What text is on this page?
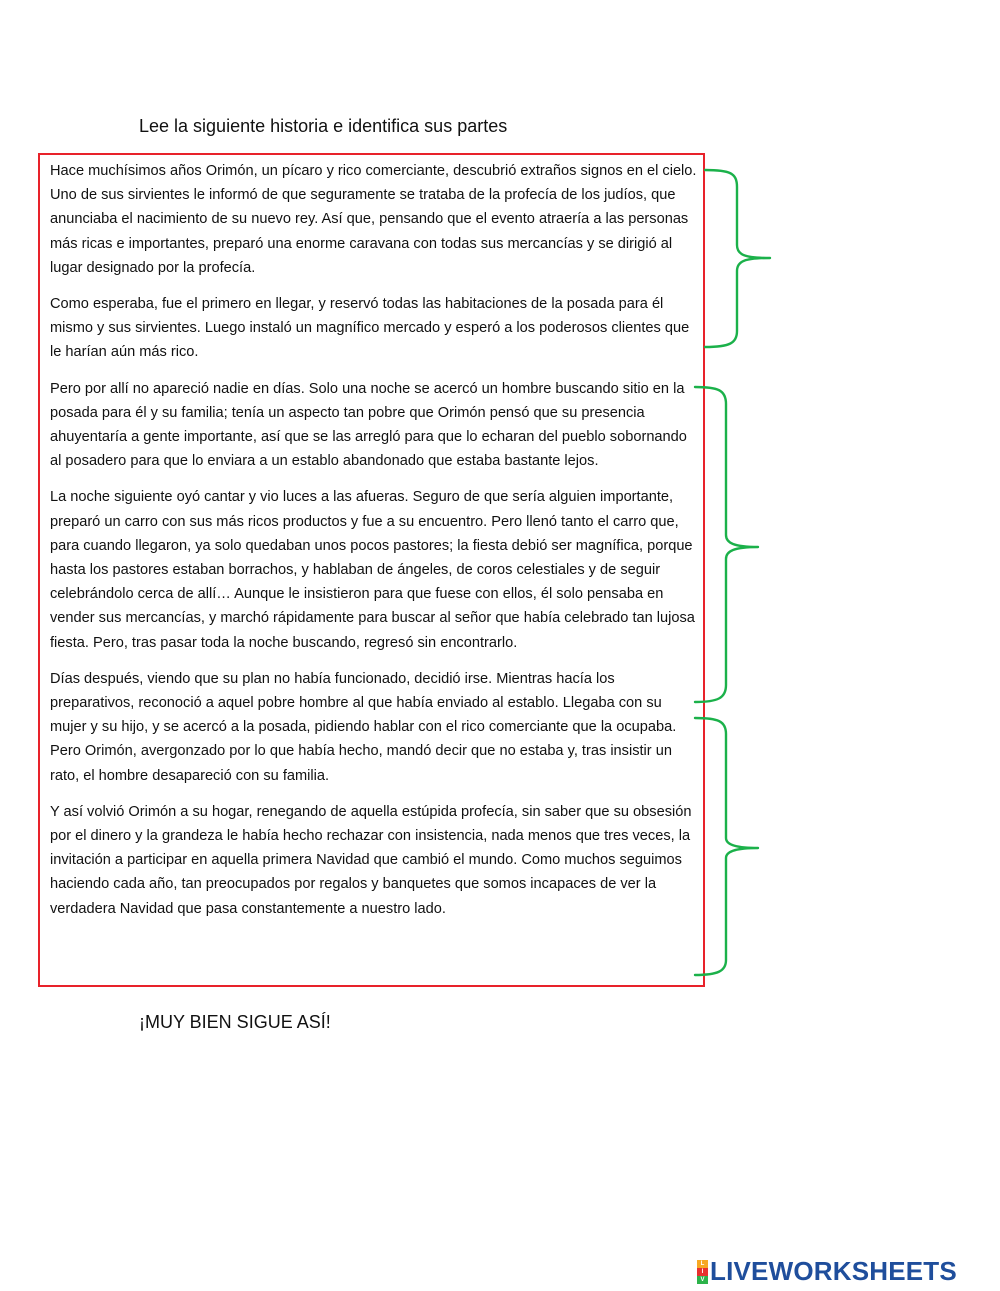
Lee la siguiente historia e identifica sus partes

Hace muchísimos años Orimón, un pícaro y rico comerciante, descubrió extraños signos en el cielo. Uno de sus sirvientes le informó de que seguramente se trataba de la profecía de los judíos, que anunciaba el nacimiento de su nuevo rey. Así que, pensando que el evento atraería a las personas más ricas e importantes, preparó una enorme caravana con todas sus mercancías y se dirigió al lugar designado por la profecía.

Como esperaba, fue el primero en llegar, y reservó todas las habitaciones de la posada para él mismo y sus sirvientes. Luego instaló un magnífico mercado y esperó a los poderosos clientes que le harían aún más rico.

Pero por allí no apareció nadie en días. Solo una noche se acercó un hombre buscando sitio en la posada para él y su familia; tenía un aspecto tan pobre que Orimón pensó que su presencia ahuyentaría a gente importante, así que se las arregló para que lo echaran del pueblo sobornando al posadero para que lo enviara a un establo abandonado que estaba bastante lejos.

La noche siguiente oyó cantar y vio luces a las afueras. Seguro de que sería alguien importante, preparó un carro con sus más ricos productos y fue a su encuentro. Pero llenó tanto el carro que, para cuando llegaron, ya solo quedaban unos pocos pastores; la fiesta debió ser magnífica, porque hasta los pastores estaban borrachos, y hablaban de ángeles, de coros celestiales y de seguir celebrándolo cerca de allí… Aunque le insistieron para que fuese con ellos, él solo pensaba en vender sus mercancías, y marchó rápidamente para buscar al señor que había celebrado tan lujosa fiesta. Pero, tras pasar toda la noche buscando, regresó sin encontrarlo.

Días después, viendo que su plan no había funcionado, decidió irse. Mientras hacía los preparativos, reconoció a aquel pobre hombre al que había enviado al establo. Llegaba con su mujer y su hijo, y se acercó a la posada, pidiendo hablar con el rico comerciante que la ocupaba. Pero Orimón, avergonzado por lo que había hecho, mandó decir que no estaba y, tras insistir un rato, el hombre desapareció con su familia.

Y así volvió Orimón a su hogar, renegando de aquella estúpida profecía, sin saber que su obsesión por el dinero y la grandeza le había hecho rechazar con insistencia, nada menos que tres veces, la invitación a participar en aquella primera Navidad que cambió el mundo. Como muchos seguimos haciendo cada año, tan preocupados por regalos y banquetes que somos incapaces de ver la verdadera Navidad que pasa constantemente a nuestro lado.

¡MUY BIEN SIGUE ASÍ!
L
I
V LIVEWORKSHEETS
